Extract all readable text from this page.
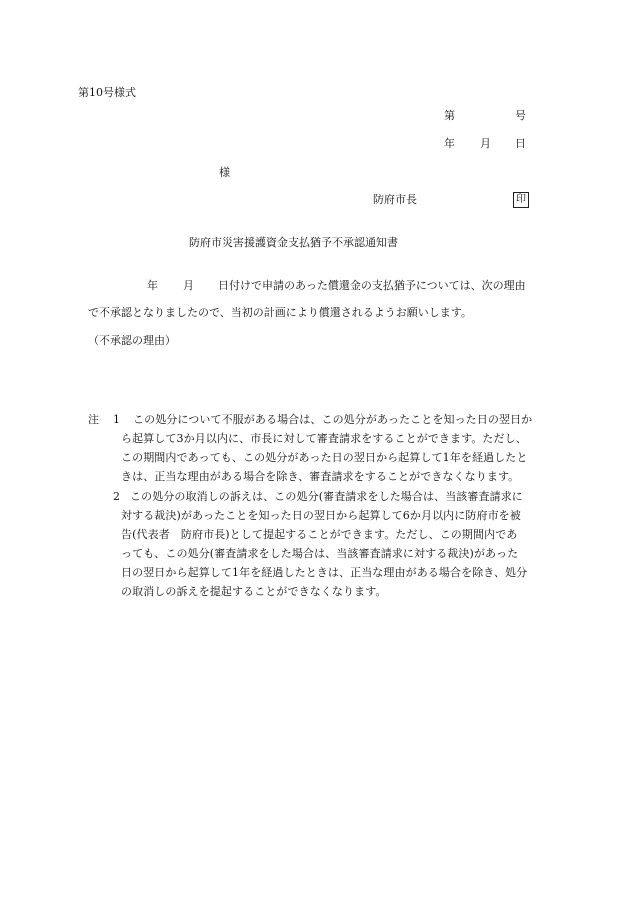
第10号様式
第	号
年 月 日
様
防府市長	印
防府市災害援護資金支払猶予不承認通知書
年 月 日付けで申請のあった償還金の支払猶予については、次の理由
で不承認となりましたので、当初の計画により償還されるようお願いします。
（不承認の理由）
注 1 この処分について不服がある場合は、この処分があったことを知った日の翌日か
ら起算して3か月以内に、市長に対して審査請求をすることができます。ただし、
この期間内であっても、この処分があった日の翌日から起算して1年を経過したと
きは、正当な理由がある場合を除き、審査請求をすることができなくなります。
2 この処分の取消しの訴えは、この処分(審査請求をした場合は、当該審査請求に
対する裁決)があったことを知った日の翌日から起算して6か月以内に防府市を被
告(代表者　防府市長)として提起することができます。ただし、この期間内であ
っても、この処分(審査請求をした場合は、当該審査請求に対する裁決)があった
日の翌日から起算して1年を経過したときは、正当な理由がある場合を除き、処分
の取消しの訴えを提起することができなくなります。
